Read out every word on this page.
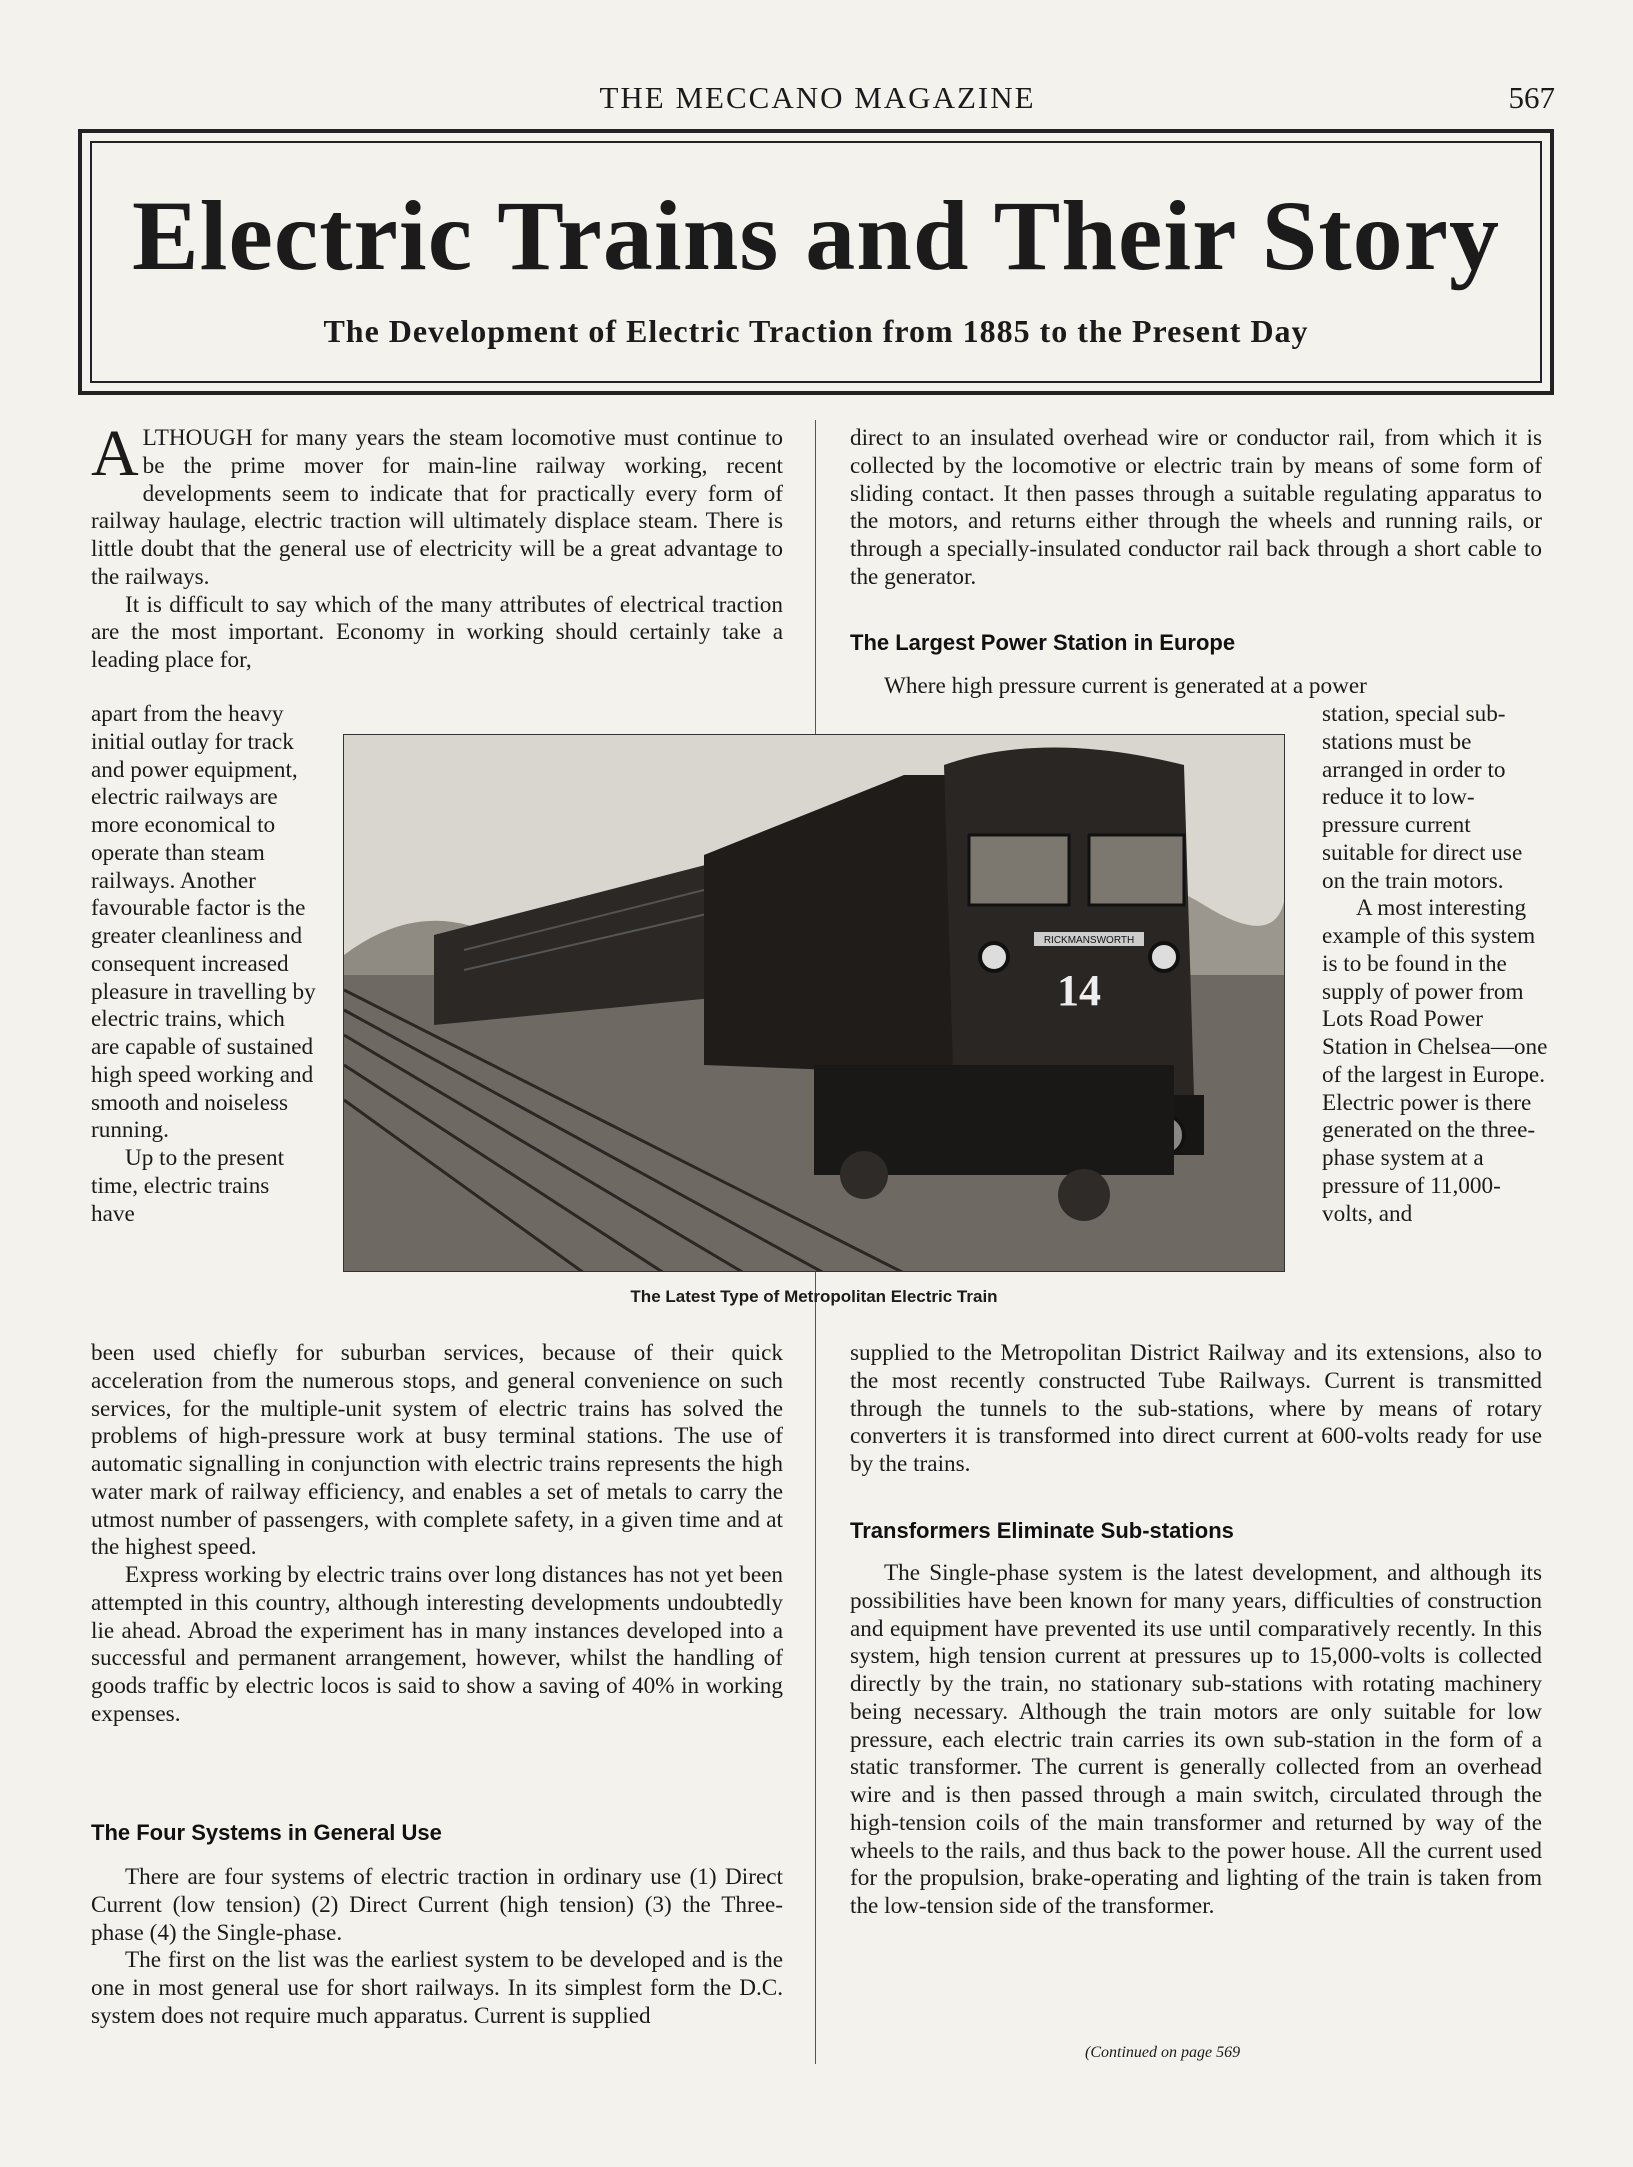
THE MECCANO MAGAZINE	567
Electric Trains and Their Story
The Development of Electric Traction from 1885 to the Present Day

ALTHOUGH for many years the steam locomotive must continue to be the prime mover for main-line railway working, recent developments seem to indicate that for practically every form of railway haulage, electric traction will ultimately displace steam. There is little doubt that the general use of electricity will be a great advantage to the railways.

It is difficult to say which of the many attributes of electrical traction are the most important. Economy in working should certainly take a leading place for,

apart from the heavy initial outlay for track and power equipment, electric railways are more economical to operate than steam railways. Another favourable factor is the greater cleanliness and consequent increased pleasure in travelling by electric trains, which are capable of sustained high speed working and smooth and noiseless running.

Up to the present time, electric trains have

been used chiefly for suburban services, because of their quick acceleration from the numerous stops, and general convenience on such services, for the multiple-unit system of electric trains has solved the problems of high-pressure work at busy terminal stations. The use of automatic signalling in conjunction with electric trains represents the high water mark of railway efficiency, and enables a set of metals to carry the utmost number of passengers, with complete safety, in a given time and at the highest speed.

Express working by electric trains over long distances has not yet been attempted in this country, although interesting developments undoubtedly lie ahead. Abroad the experiment has in many instances developed into a successful and permanent arrangement, however, whilst the handling of goods traffic by electric locos is said to show a saving of 40% in working expenses.

The Four Systems in General Use

There are four systems of electric traction in ordinary use (1) Direct Current (low tension) (2) Direct Current (high tension) (3) the Three-phase (4) the Single-phase.

The first on the list was the earliest system to be developed and is the one in most general use for short railways. In its simplest form the D.C. system does not require much apparatus. Current is supplied

direct to an insulated overhead wire or conductor rail, from which it is collected by the locomotive or electric train by means of some form of sliding contact. It then passes through a suitable regulating apparatus to the motors, and returns either through the wheels and running rails, or through a specially-insulated conductor rail back through a short cable to the generator.

The Largest Power Station in Europe

Where high pressure current is generated at a power

station, special sub-stations must be arranged in order to reduce it to low-pressure current suitable for direct use on the train motors.

A most interesting example of this system is to be found in the supply of power from Lots Road Power Station in Chelsea—one of the largest in Europe. Electric power is there generated on the three-phase system at a pressure of 11,000-volts, and

supplied to the Metropolitan District Railway and its extensions, also to the most recently constructed Tube Railways. Current is transmitted through the tunnels to the sub-stations, where by means of rotary converters it is transformed into direct current at 600-volts ready for use by the trains.

Transformers Eliminate Sub-stations

The Single-phase system is the latest development, and although its possibilities have been known for many years, difficulties of construction and equipment have prevented its use until comparatively recently. In this system, high tension current at pressures up to 15,000-volts is collected directly by the train, no stationary sub-stations with rotating machinery being necessary. Although the train motors are only suitable for low pressure, each electric train carries its own sub-station in the form of a static transformer. The current is generally collected from an overhead wire and is then passed through a main switch, circulated through the high-tension coils of the main transformer and returned by way of the wheels to the rails, and thus back to the power house. All the current used for the propulsion, brake-operating and lighting of the train is taken from the low-tension side of the transformer.

(Continued on page 569
RICKMANSWORTH
14
The Latest Type of Metropolitan Electric Train
